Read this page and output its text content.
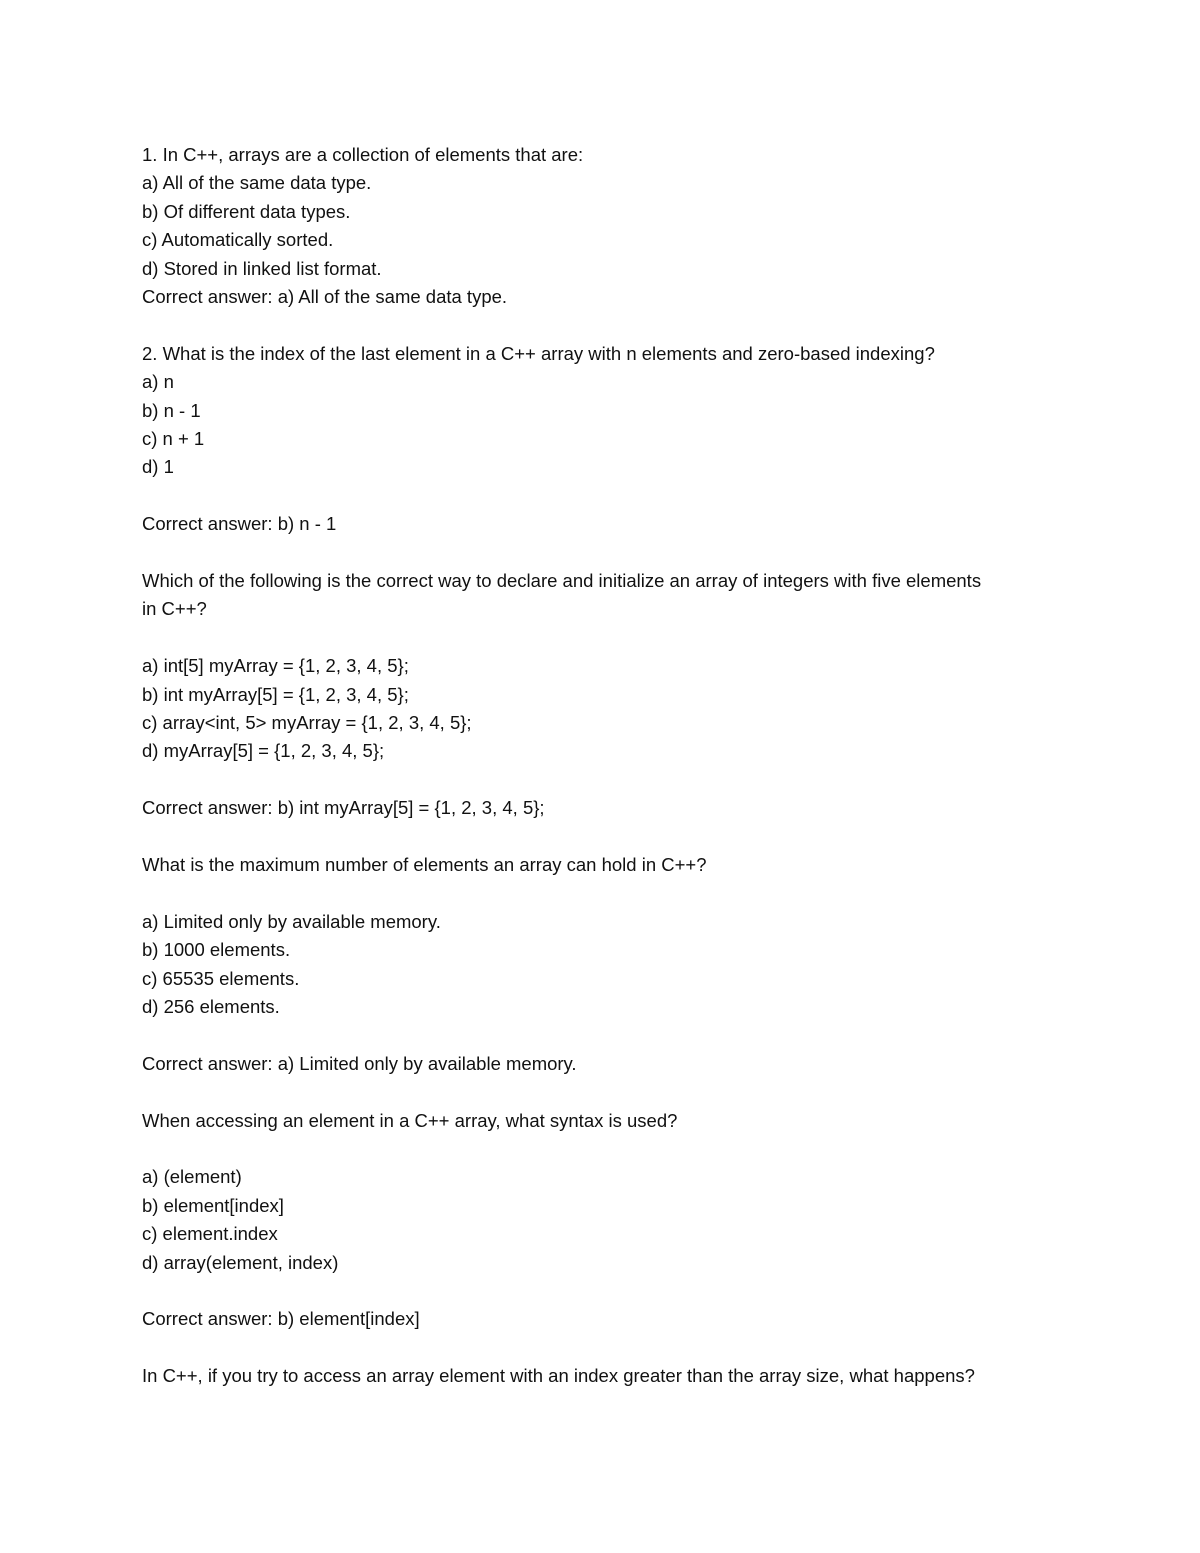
1. In C++, arrays are a collection of elements that are:
a) All of the same data type.
b) Of different data types.
c) Automatically sorted.
d) Stored in linked list format.
Correct answer: a) All of the same data type.
2. What is the index of the last element in a C++ array with n elements and zero-based indexing?
a) n
b) n - 1
c) n + 1
d) 1
Correct answer: b) n - 1
Which of the following is the correct way to declare and initialize an array of integers with five elements
in C++?
a) int[5] myArray = {1, 2, 3, 4, 5};
b) int myArray[5] = {1, 2, 3, 4, 5};
c) array<int, 5> myArray = {1, 2, 3, 4, 5};
d) myArray[5] = {1, 2, 3, 4, 5};
Correct answer: b) int myArray[5] = {1, 2, 3, 4, 5};
What is the maximum number of elements an array can hold in C++?
a) Limited only by available memory.
b) 1000 elements.
c) 65535 elements.
d) 256 elements.
Correct answer: a) Limited only by available memory.
When accessing an element in a C++ array, what syntax is used?
a) (element)
b) element[index]
c) element.index
d) array(element, index)
Correct answer: b) element[index]
In C++, if you try to access an array element with an index greater than the array size, what happens?
